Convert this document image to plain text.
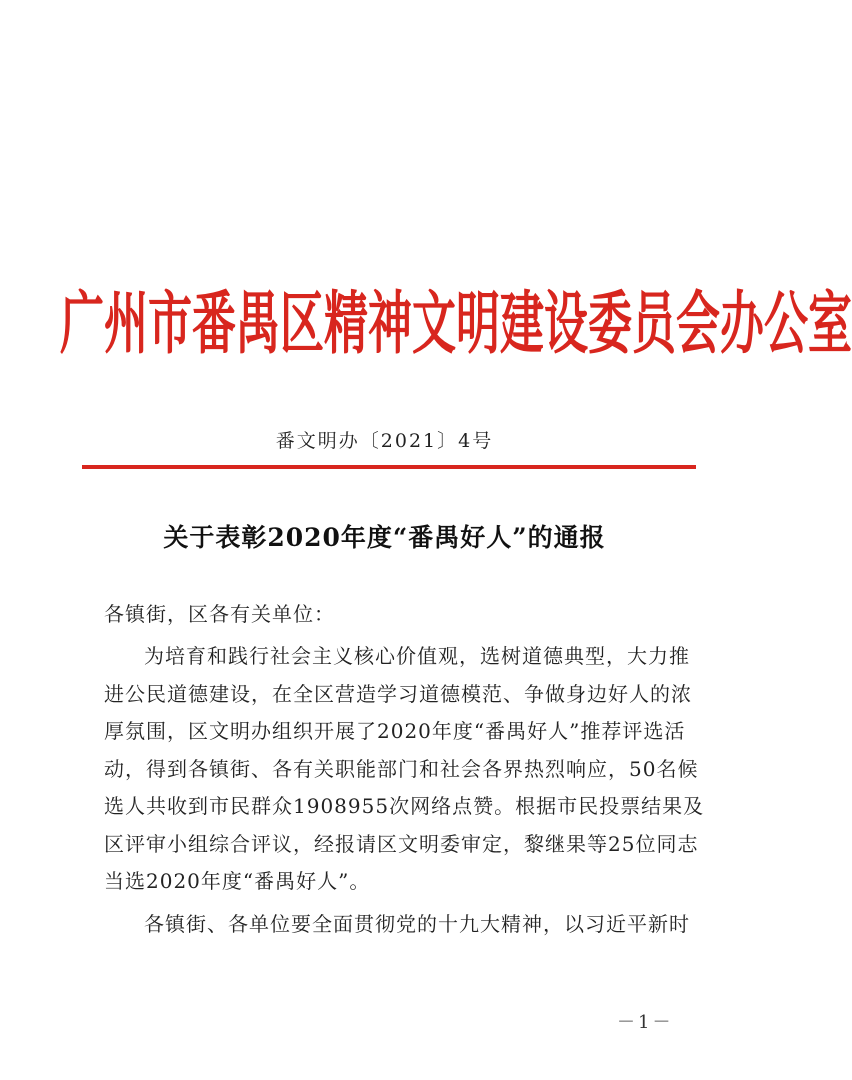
广州市番禺区精神文明建设委员会办公室
番文明办〔2021〕4号
关于表彰2020年度“番禺好人”的通报
各镇街，区各有关单位：
为培育和践行社会主义核心价值观，选树道德典型，大力推
进公民道德建设，在全区营造学习道德模范、争做身边好人的浓
厚氛围，区文明办组织开展了2020年度“番禺好人”推荐评选活
动，得到各镇街、各有关职能部门和社会各界热烈响应，50名候
选人共收到市民群众1908955次网络点赞。根据市民投票结果及
区评审小组综合评议，经报请区文明委审定，黎继果等25位同志
当选2020年度“番禺好人”。
各镇街、各单位要全面贯彻党的十九大精神，以习近平新时
－1－
